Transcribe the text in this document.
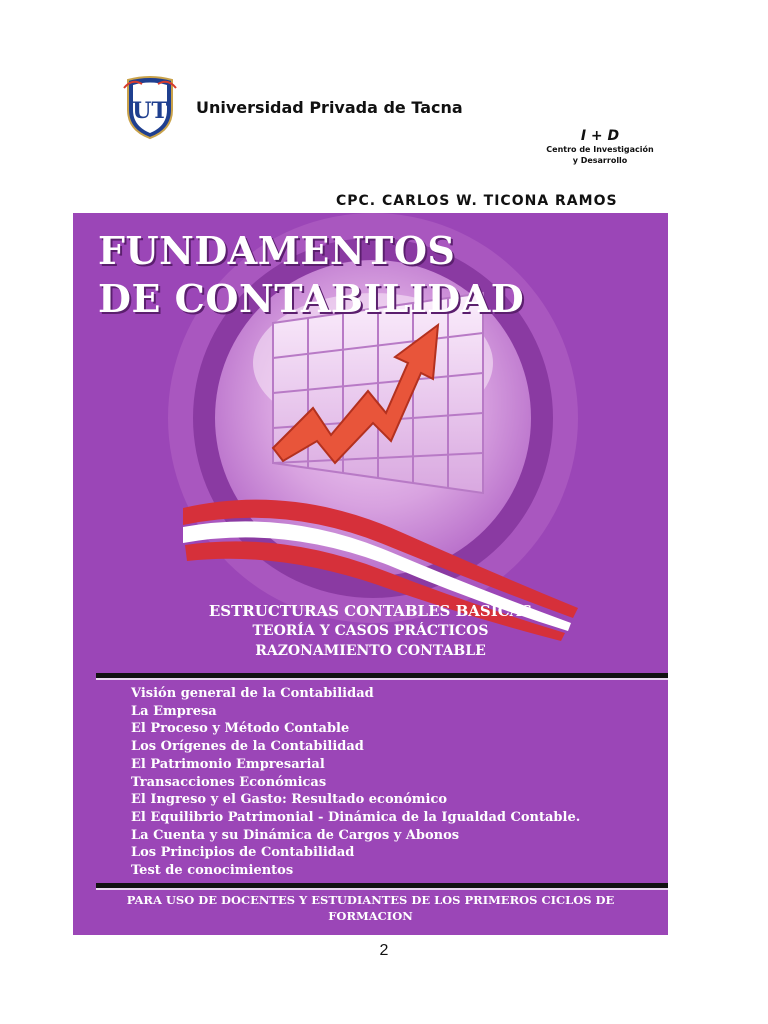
UT Universidad Privada de Tacna
I + D
Centro de Investigación
y Desarrollo
CPC. CARLOS W. TICONA RAMOS
FUNDAMENTOS
DE CONTABILIDAD
ESTRUCTURAS CONTABLES BASICAS
TEORÍA Y CASOS PRÁCTICOS
RAZONAMIENTO CONTABLE
Visión general de la Contabilidad
La Empresa
El Proceso y Método Contable
Los Orígenes de la Contabilidad
El Patrimonio Empresarial
Transacciones Económicas
El Ingreso y el Gasto: Resultado económico
El Equilibrio Patrimonial - Dinámica de la Igualdad Contable.
La Cuenta y su Dinámica de Cargos y Abonos
Los Principios de Contabilidad
Test de conocimientos
PARA USO DE DOCENTES Y ESTUDIANTES DE LOS PRIMEROS CICLOS DE FORMACION
2
